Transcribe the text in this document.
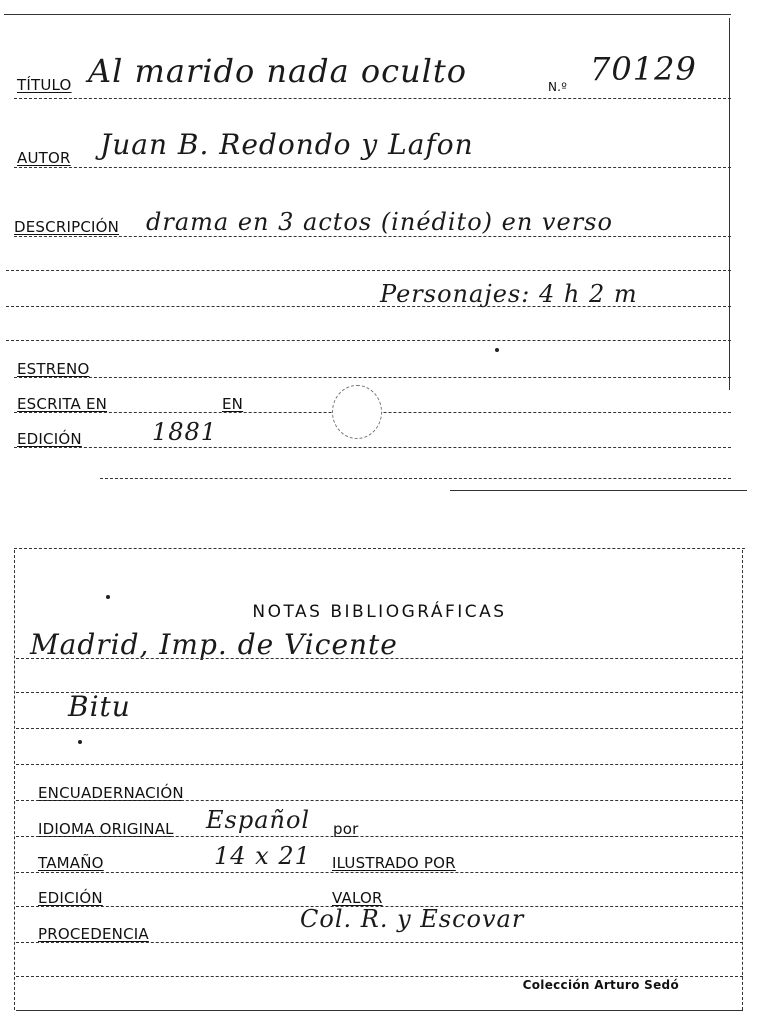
TÍTULO Al marido nada oculto	N.º 70129
AUTOR Juan B. Redondo y Lafon
DESCRIPCIÓN drama en 3 actos (inédito) en verso
Personajes: 4 h 2 m
ESTRENO
ESCRITA EN	EN
EDICIÓN	1881
NOTAS BIBLIOGRÁFICAS
Madrid, Imp. de Vicente
Bitu
ENCUADERNACIÓN
IDIOMA ORIGINAL Español por
TAMAÑO	14 x 21 ILUSTRADO POR
EDICIÓN	VALOR
PROCEDENCIA
Col. R. y Escovar
Colección Arturo Sedó
